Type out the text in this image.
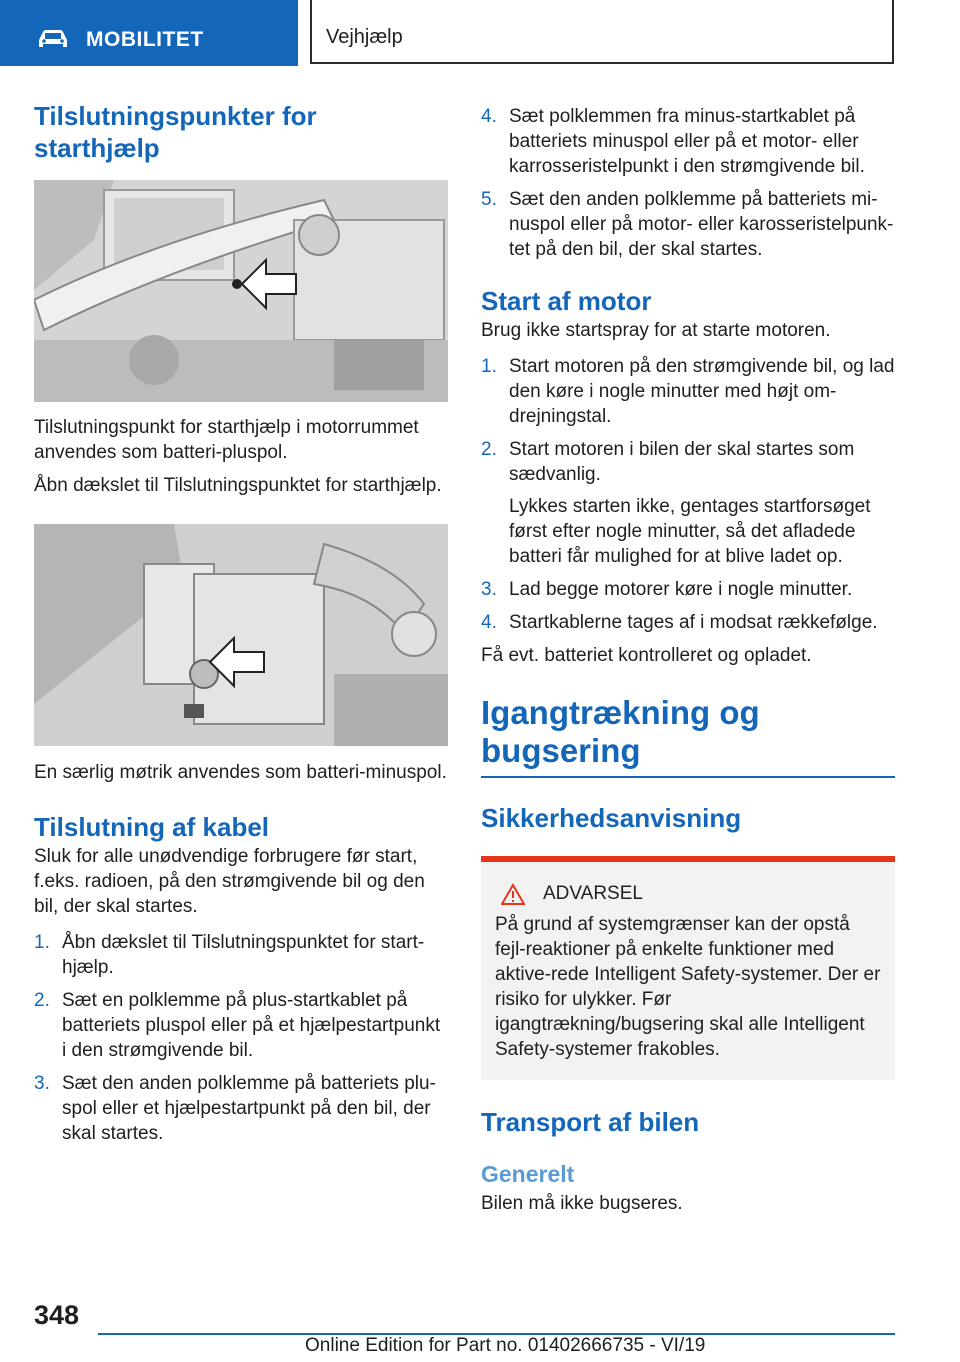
MOBILITET	Vejhjælp
Tilslutningspunkter for starthjælp

Tilslutningspunkt for starthjælp i motorrummet anvendes som batteri-pluspol.

Åbn dækslet til Tilslutningspunktet for starthjælp.

En særlig møtrik anvendes som batteri-minuspol.

Tilslutning af kabel

Sluk for alle unødvendige forbrugere før start, f.eks. radioen, på den strømgivende bil og den bil, der skal startes.

1. Åbn dækslet til Tilslutningspunktet for start-hjælp.
2. Sæt en polklemme på plus-startkablet på batteriets pluspol eller på et hjælpestartpunkt i den strømgivende bil.
3. Sæt den anden polklemme på batteriets plu-spol eller et hjælpestartpunkt på den bil, der skal startes.
4. Sæt polklemmen fra minus-startkablet på batteriets minuspol eller på et motor- eller karrosseristelpunkt i den strømgivende bil.
5. Sæt den anden polklemme på batteriets mi-nuspol eller på motor- eller karosseristelpunk-tet på den bil, der skal startes.
Start af motor

Brug ikke startspray for at starte motoren.

1. Start motoren på den strømgivende bil, og lad den køre i nogle minutter med højt om-drejningstal.
2. Start motoren i bilen der skal startes som sædvanlig.
Lykkes starten ikke, gentages startforsøget først efter nogle minutter, så det afladede batteri får mulighed for at blive ladet op.
3. Lad begge motorer køre i nogle minutter.
4. Startkablerne tages af i modsat rækkefølge.

Få evt. batteriet kontrolleret og opladet.

Igangtrækning og bugsering
Sikkerhedsanvisning
ADVARSEL

På grund af systemgrænser kan der opstå fejl-reaktioner på enkelte funktioner med aktive-rede Intelligent Safety-systemer. Der er risiko for ulykker. Før igangtrækning/bugsering skal alle Intelligent Safety-systemer frakobles.

Transport af bilen
Generelt

Bilen må ikke bugseres.

348
Online Edition for Part no. 01402666735 - VI/19
